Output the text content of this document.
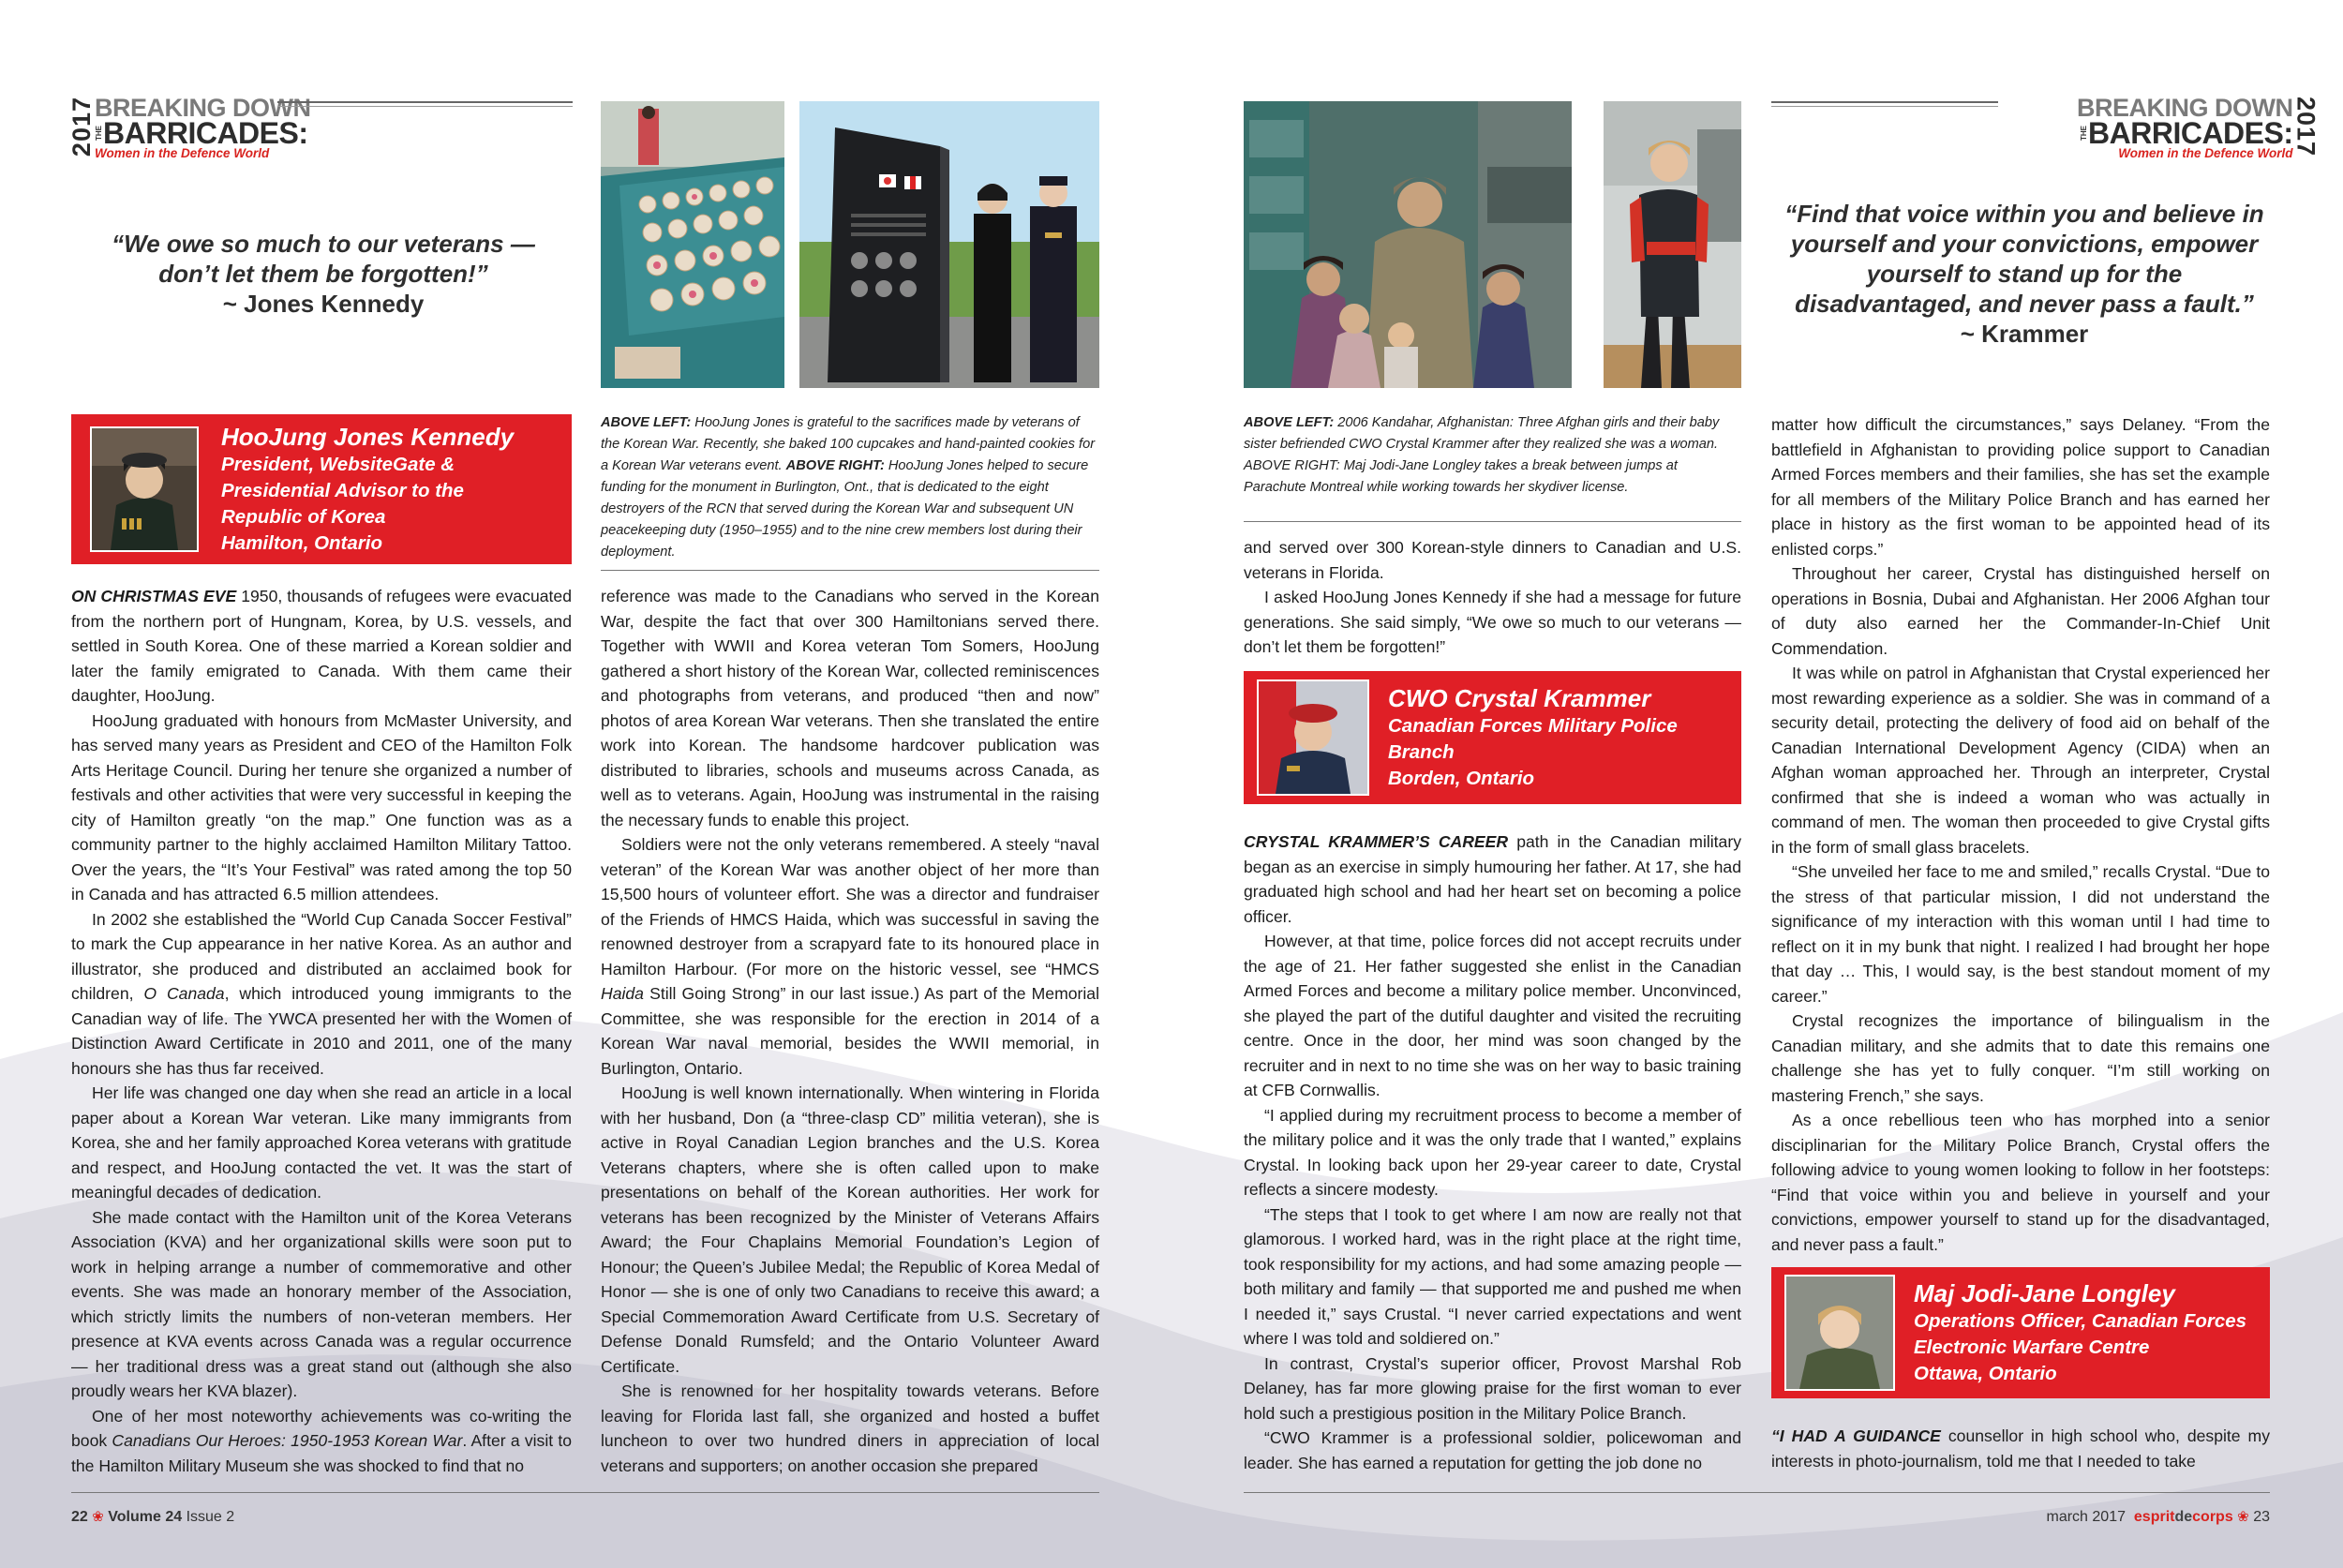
2017 BREAKING DOWN
THE BARRICADES:
Women in the Defence World
“We owe so much to our veterans — don’t let them be forgotten!”
~ Jones Kennedy
ABOVE LEFT: HooJung Jones is grateful to the sacrifices made by veterans of the Korean War. Recently, she baked 100 cupcakes and hand-painted cookies for a Korean War veterans event. ABOVE RIGHT: HooJung Jones helped to secure funding for the monument in Burlington, Ont., that is dedicated to the eight destroyers of the RCN that served during the Korean War and subsequent UN peacekeeping duty (1950–1955) and to the nine crew members lost during their deployment.
HooJung Jones Kennedy
President, WebsiteGate &
Presidential Advisor to the
Republic of Korea
Hamilton, Ontario

ON CHRISTMAS EVE 1950, thousands of refugees were evacuated from the northern port of Hungnam, Korea, by U.S. vessels, and settled in South Korea. One of these married a Korean soldier and later the family emigrated to Canada. With them came their daughter, HooJung.

HooJung graduated with honours from McMaster University, and has served many years as President and CEO of the Hamilton Folk Arts Heritage Council. During her tenure she organized a number of festivals and other activities that were very successful in keeping the city of Hamilton greatly “on the map.” One function was as a community partner to the highly acclaimed Hamilton Military Tattoo. Over the years, the “It’s Your Festival” was rated among the top 50 in Canada and has attracted 6.5 million attendees.

In 2002 she established the “World Cup Canada Soccer Festival” to mark the Cup appearance in her native Korea. As an author and illustrator, she produced and distributed an acclaimed book for children, O Canada, which introduced young immigrants to the Canadian way of life. The YWCA presented her with the Women of Distinction Award Certificate in 2010 and 2011, one of the many honours she has thus far received.

Her life was changed one day when she read an article in a local paper about a Korean War veteran. Like many immigrants from Korea, she and her family approached Korea veterans with gratitude and respect, and HooJung contacted the vet. It was the start of meaningful decades of dedication.

She made contact with the Hamilton unit of the Korea Veterans Association (KVA) and her organizational skills were soon put to work in helping arrange a number of commemorative and other events. She was made an honorary member of the Association, which strictly limits the numbers of non-veteran members. Her presence at KVA events across Canada was a regular occurrence — her traditional dress was a great stand out (although she also proudly wears her KVA blazer).

One of her most noteworthy achievements was co-writing the book Canadians Our Heroes: 1950-1953 Korean War. After a visit to the Hamilton Military Museum she was shocked to find that no

reference was made to the Canadians who served in the Korean War, despite the fact that over 300 Hamiltonians served there. Together with WWII and Korea veteran Tom Somers, HooJung gathered a short history of the Korean War, collected reminiscences and photographs from veterans, and produced “then and now” photos of area Korean War veterans. Then she translated the entire work into Korean. The handsome hardcover publication was distributed to libraries, schools and museums across Canada, as well as to veterans. Again, HooJung was instrumental in the raising the necessary funds to enable this project.

Soldiers were not the only veterans remembered. A steely “naval veteran” of the Korean War was another object of her more than 15,500 hours of volunteer effort. She was a director and fundraiser of the Friends of HMCS Haida, which was successful in saving the renowned destroyer from a scrapyard fate to its honoured place in Hamilton Harbour. (For more on the historic vessel, see “HMCS Haida Still Going Strong” in our last issue.) As part of the Memorial Committee, she was responsible for the erection in 2014 of a Korean War naval memorial, besides the WWII memorial, in Burlington, Ontario.

HooJung is well known internationally. When wintering in Florida with her husband, Don (a “three-clasp CD” militia veteran), she is active in Royal Canadian Legion branches and the U.S. Korea Veterans chapters, where she is often called upon to make presentations on behalf of the Korean authorities. Her work for veterans has been recognized by the Minister of Veterans Affairs Award; the Four Chaplains Memorial Foundation’s Legion of Honour; the Queen’s Jubilee Medal; the Republic of Korea Medal of Honor — she is one of only two Canadians to receive this award; a Special Commemoration Award Certificate from U.S. Secretary of Defense Donald Rumsfeld; and the Ontario Volunteer Award Certificate.

She is renowned for her hospitality towards veterans. Before leaving for Florida last fall, she organized and hosted a buffet luncheon to over two hundred diners in appreciation of local veterans and supporters; on another occasion she prepared

22 ❀ Volume 24 Issue 2
ABOVE LEFT: 2006 Kandahar, Afghanistan: Three Afghan girls and their baby sister befriended CWO Crystal Krammer after they realized she was a woman. ABOVE RIGHT: Maj Jodi-Jane Longley takes a break between jumps at Parachute Montreal while working towards her skydiver license.

and served over 300 Korean-style dinners to Canadian and U.S. veterans in Florida.

I asked HooJung Jones Kennedy if she had a message for future generations. She said simply, “We owe so much to our veterans — don’t let them be forgotten!”

CWO Crystal Krammer
Canadian Forces Military Police
Branch
Borden, Ontario

CRYSTAL KRAMMER’S CAREER path in the Canadian military began as an exercise in simply humouring her father. At 17, she had graduated high school and had her heart set on becoming a police officer.

However, at that time, police forces did not accept recruits under the age of 21. Her father suggested she enlist in the Canadian Armed Forces and become a military police member. Unconvinced, she played the part of the dutiful daughter and visited the recruiting centre. Once in the door, her mind was soon changed by the recruiter and in next to no time she was on her way to basic training at CFB Cornwallis.

“I applied during my recruitment process to become a member of the military police and it was the only trade that I wanted,” explains Crystal. In looking back upon her 29-year career to date, Crystal reflects a sincere modesty.

“The steps that I took to get where I am now are really not that glamorous. I worked hard, was in the right place at the right time, took responsibility for my actions, and had some amazing people — both military and family — that supported me and pushed me when I needed it,” says Crustal. “I never carried expectations and went where I was told and soldiered on.”

In contrast, Crystal’s superior officer, Provost Marshal Rob Delaney, has far more glowing praise for the first woman to ever hold such a prestigious position in the Military Police Branch.

“CWO Krammer is a professional soldier, policewoman and leader. She has earned a reputation for getting the job done no

BREAKING DOWN
THE BARRICADES:
Women in the Defence World 2017
“Find that voice within you and believe in yourself and your convictions, empower yourself to stand up for the disadvantaged, and never pass a fault.”
~ Krammer

matter how difficult the circumstances,” says Delaney. “From the battlefield in Afghanistan to providing police support to Canadian Armed Forces members and their families, she has set the example for all members of the Military Police Branch and has earned her place in history as the first woman to be appointed head of its enlisted corps.”

Throughout her career, Crystal has distinguished herself on operations in Bosnia, Dubai and Afghanistan. Her 2006 Afghan tour of duty also earned her the Commander-In-Chief Unit Commendation.

It was while on patrol in Afghanistan that Crystal experienced her most rewarding experience as a soldier. She was in command of a security detail, protecting the delivery of food aid on behalf of the Canadian International Development Agency (CIDA) when an Afghan woman approached her. Through an interpreter, Crystal confirmed that she is indeed a woman who was actually in command of men. The woman then proceeded to give Crystal gifts in the form of small glass bracelets.

“She unveiled her face to me and smiled,” recalls Crystal. “Due to the stress of that particular mission, I did not understand the significance of my interaction with this woman until I had time to reflect on it in my bunk that night. I realized I had brought her hope that day … This, I would say, is the best standout moment of my career.”

Crystal recognizes the importance of bilingualism in the Canadian military, and she admits that to date this remains one challenge she has yet to fully conquer. “I’m still working on mastering French,” she says.

As a once rebellious teen who has morphed into a senior disciplinarian for the Military Police Branch, Crystal offers the following advice to young women looking to follow in her footsteps: “Find that voice within you and believe in yourself and your convictions, empower yourself to stand up for the disadvantaged, and never pass a fault.”

Maj Jodi-Jane Longley
Operations Officer, Canadian Forces
Electronic Warfare Centre
Ottawa, Ontario

“I HAD A GUIDANCE counsellor in high school who, despite my interests in photo-journalism, told me that I needed to take

march 2017 espritdecorps ❀ 23
